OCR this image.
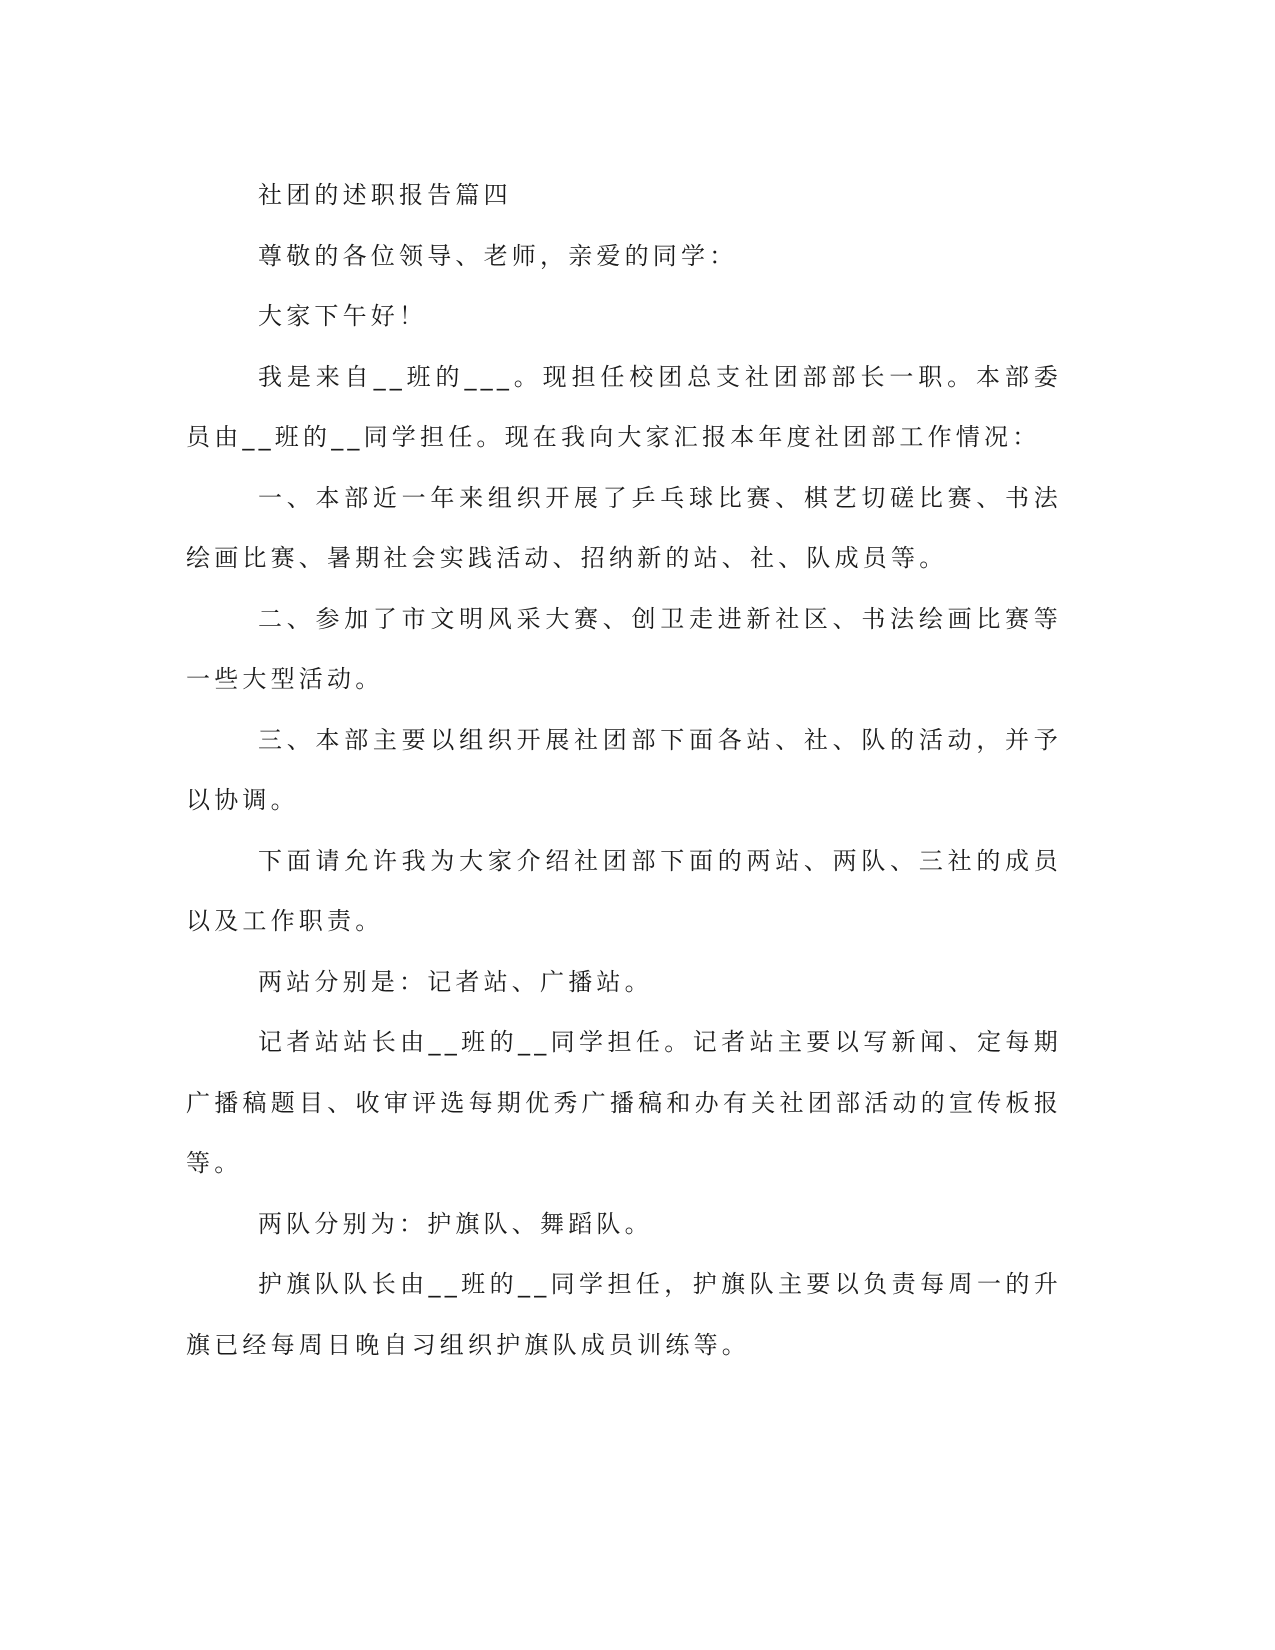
社团的述职报告篇四

尊敬的各位领导、老师，亲爱的同学：

大家下午好！

我是来自__班的___。现担任校团总支社团部部长一职。本部委员由__班的__同学担任。现在我向大家汇报本年度社团部工作情况：

一、本部近一年来组织开展了乒乓球比赛、棋艺切磋比赛、书法绘画比赛、暑期社会实践活动、招纳新的站、社、队成员等。

二、参加了市文明风采大赛、创卫走进新社区、书法绘画比赛等一些大型活动。

三、本部主要以组织开展社团部下面各站、社、队的活动，并予以协调。

下面请允许我为大家介绍社团部下面的两站、两队、三社的成员以及工作职责。

两站分别是：记者站、广播站。

记者站站长由__班的__同学担任。记者站主要以写新闻、定每期广播稿题目、收审评选每期优秀广播稿和办有关社团部活动的宣传板报等。

两队分别为：护旗队、舞蹈队。

护旗队队长由__班的__同学担任，护旗队主要以负责每周一的升旗已经每周日晚自习组织护旗队成员训练等。
